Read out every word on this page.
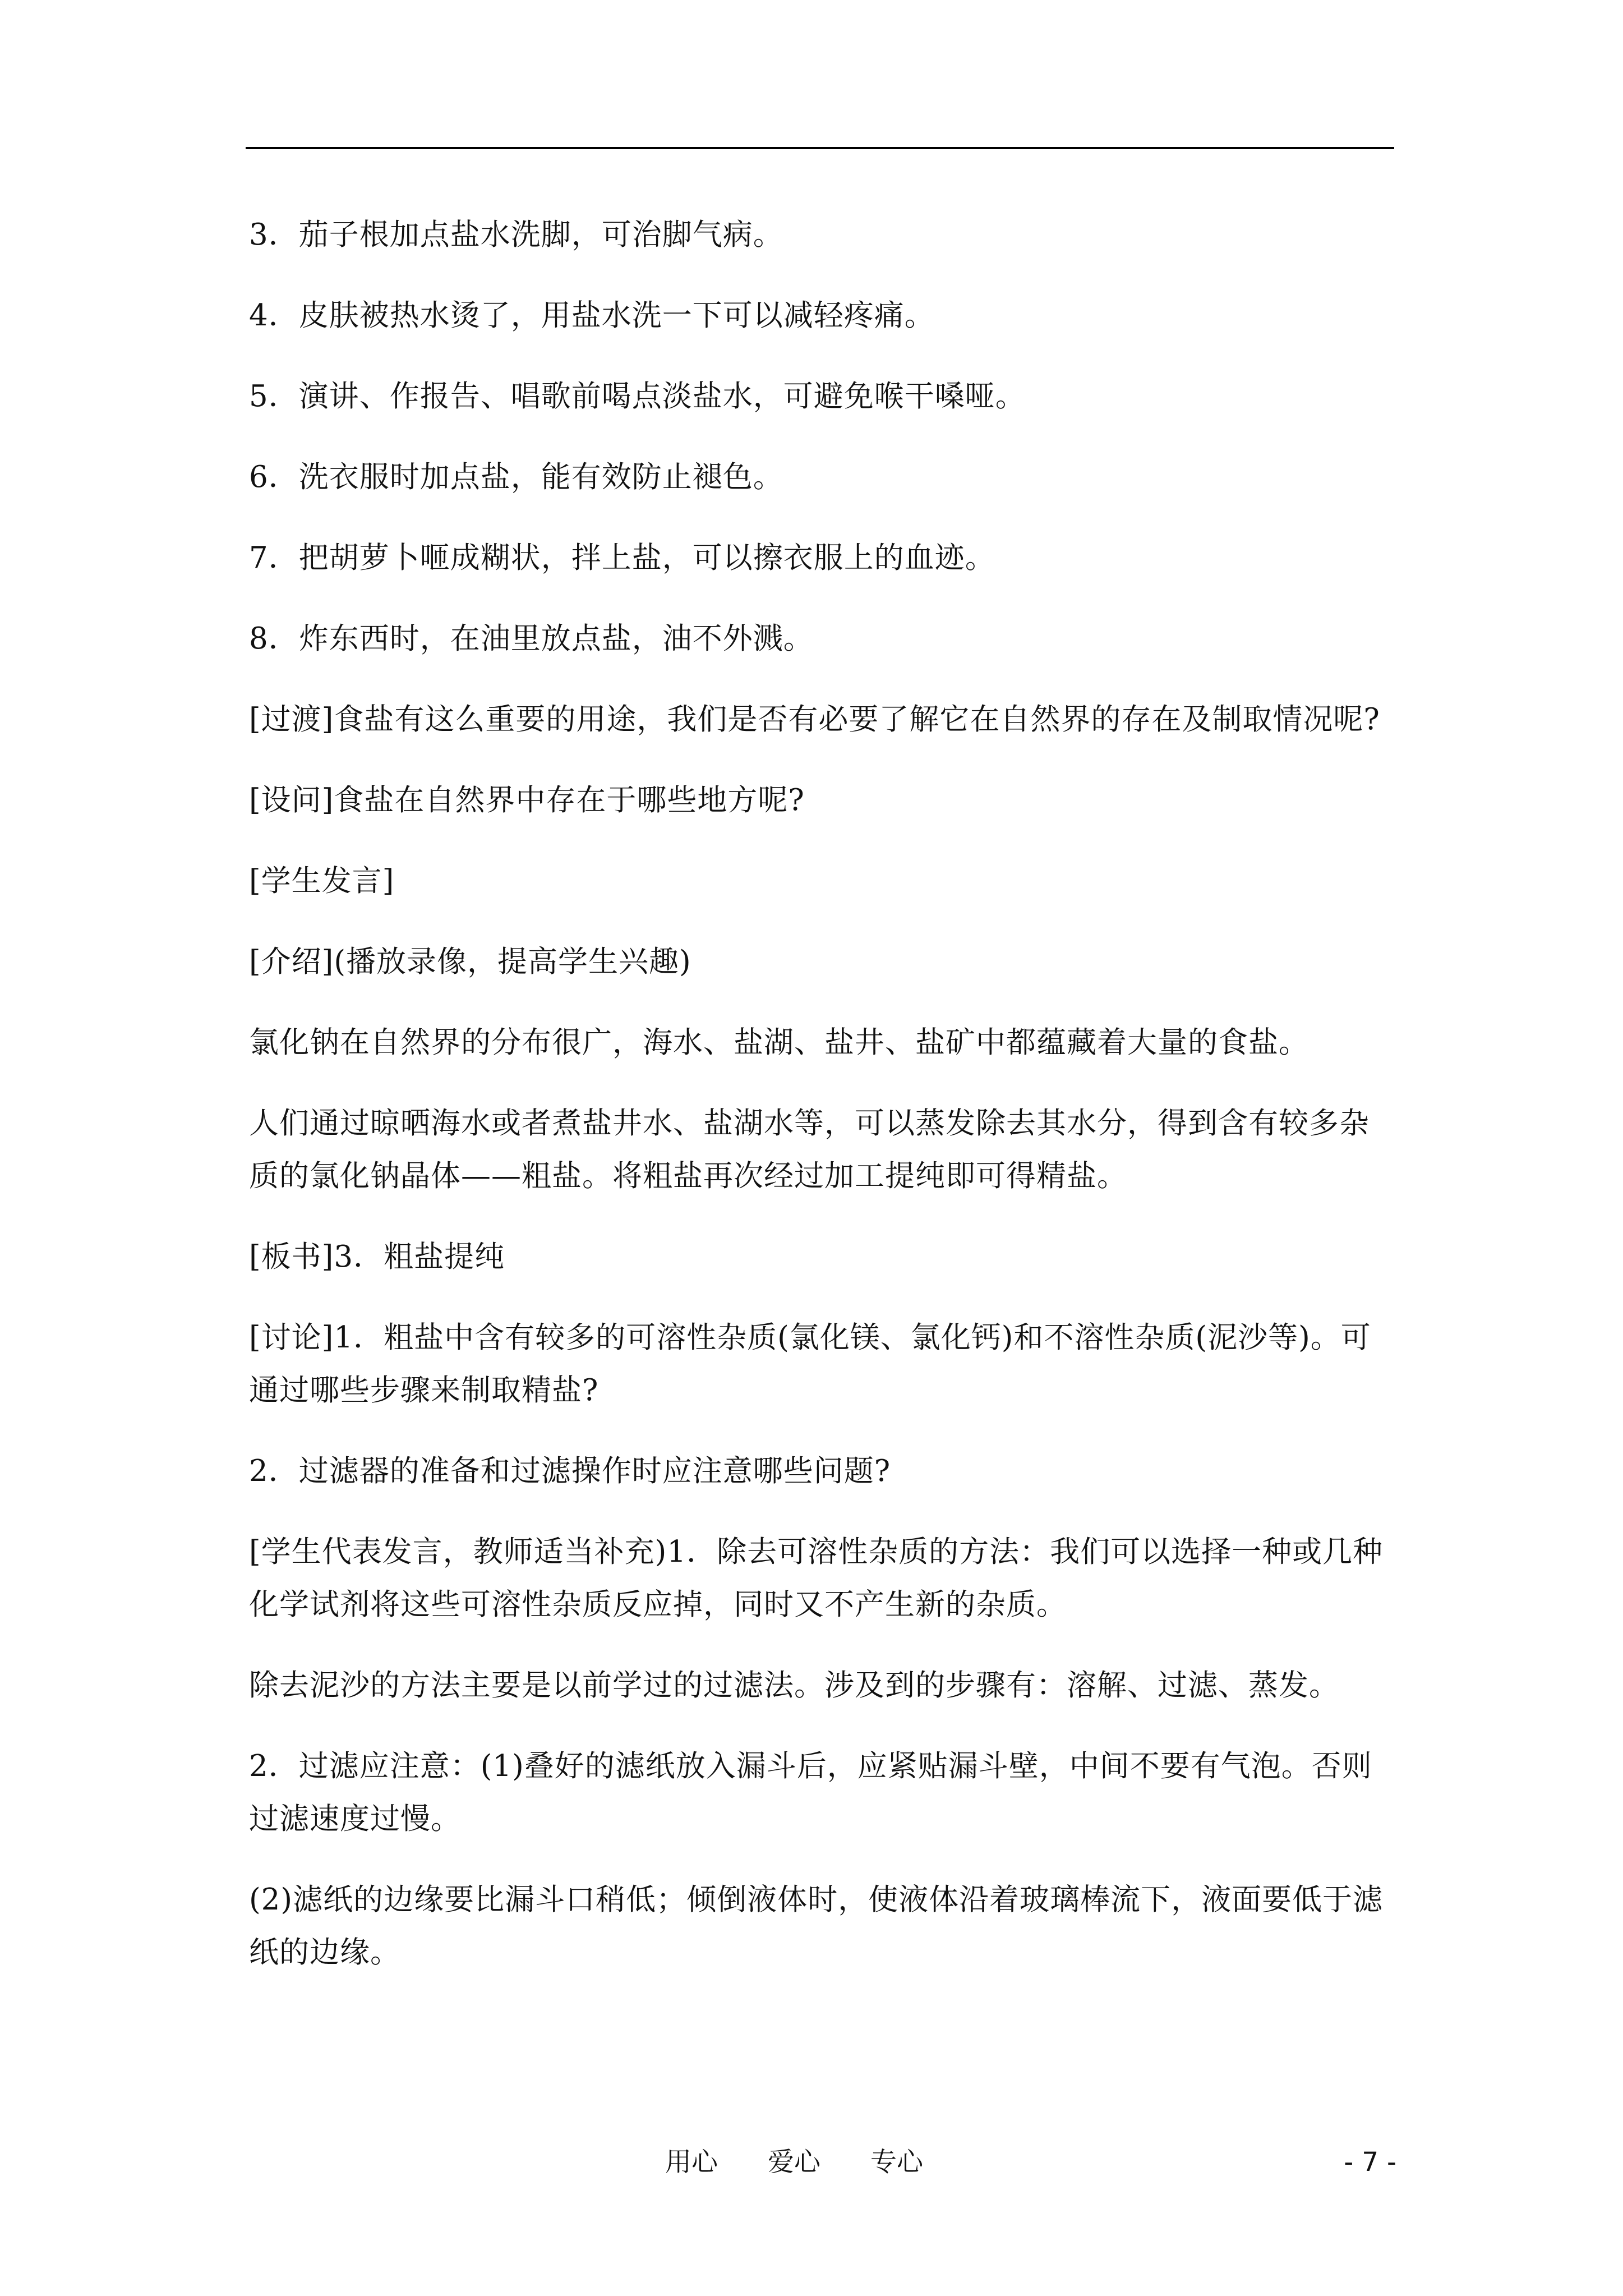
3．茄子根加点盐水洗脚，可治脚气病。

4．皮肤被热水烫了，用盐水洗一下可以减轻疼痛。

5．演讲、作报告、唱歌前喝点淡盐水，可避免喉干嗓哑。

6．洗衣服时加点盐，能有效防止褪色。

7．把胡萝卜咂成糊状，拌上盐，可以擦衣服上的血迹。

8．炸东西时，在油里放点盐，油不外溅。

[过渡]食盐有这么重要的用途，我们是否有必要了解它在自然界的存在及制取情况呢?

[设问]食盐在自然界中存在于哪些地方呢?

[学生发言]

[介绍](播放录像，提高学生兴趣)

氯化钠在自然界的分布很广，海水、盐湖、盐井、盐矿中都蕴藏着大量的食盐。

人们通过晾晒海水或者煮盐井水、盐湖水等，可以蒸发除去其水分，得到含有较多杂质的氯化钠晶体——粗盐。将粗盐再次经过加工提纯即可得精盐。

[板书]3．粗盐提纯

[讨论]1．粗盐中含有较多的可溶性杂质(氯化镁、氯化钙)和不溶性杂质(泥沙等)。可通过哪些步骤来制取精盐?

2．过滤器的准备和过滤操作时应注意哪些问题?

[学生代表发言，教师适当补充)1．除去可溶性杂质的方法：我们可以选择一种或几种化学试剂将这些可溶性杂质反应掉，同时又不产生新的杂质。

除去泥沙的方法主要是以前学过的过滤法。涉及到的步骤有：溶解、过滤、蒸发。

2．过滤应注意：(1)叠好的滤纸放入漏斗后，应紧贴漏斗壁，中间不要有气泡。否则过滤速度过慢。

(2)滤纸的边缘要比漏斗口稍低；倾倒液体时，使液体沿着玻璃棒流下，液面要低于滤纸的边缘。

用心 爱心 专心	- 7 -
